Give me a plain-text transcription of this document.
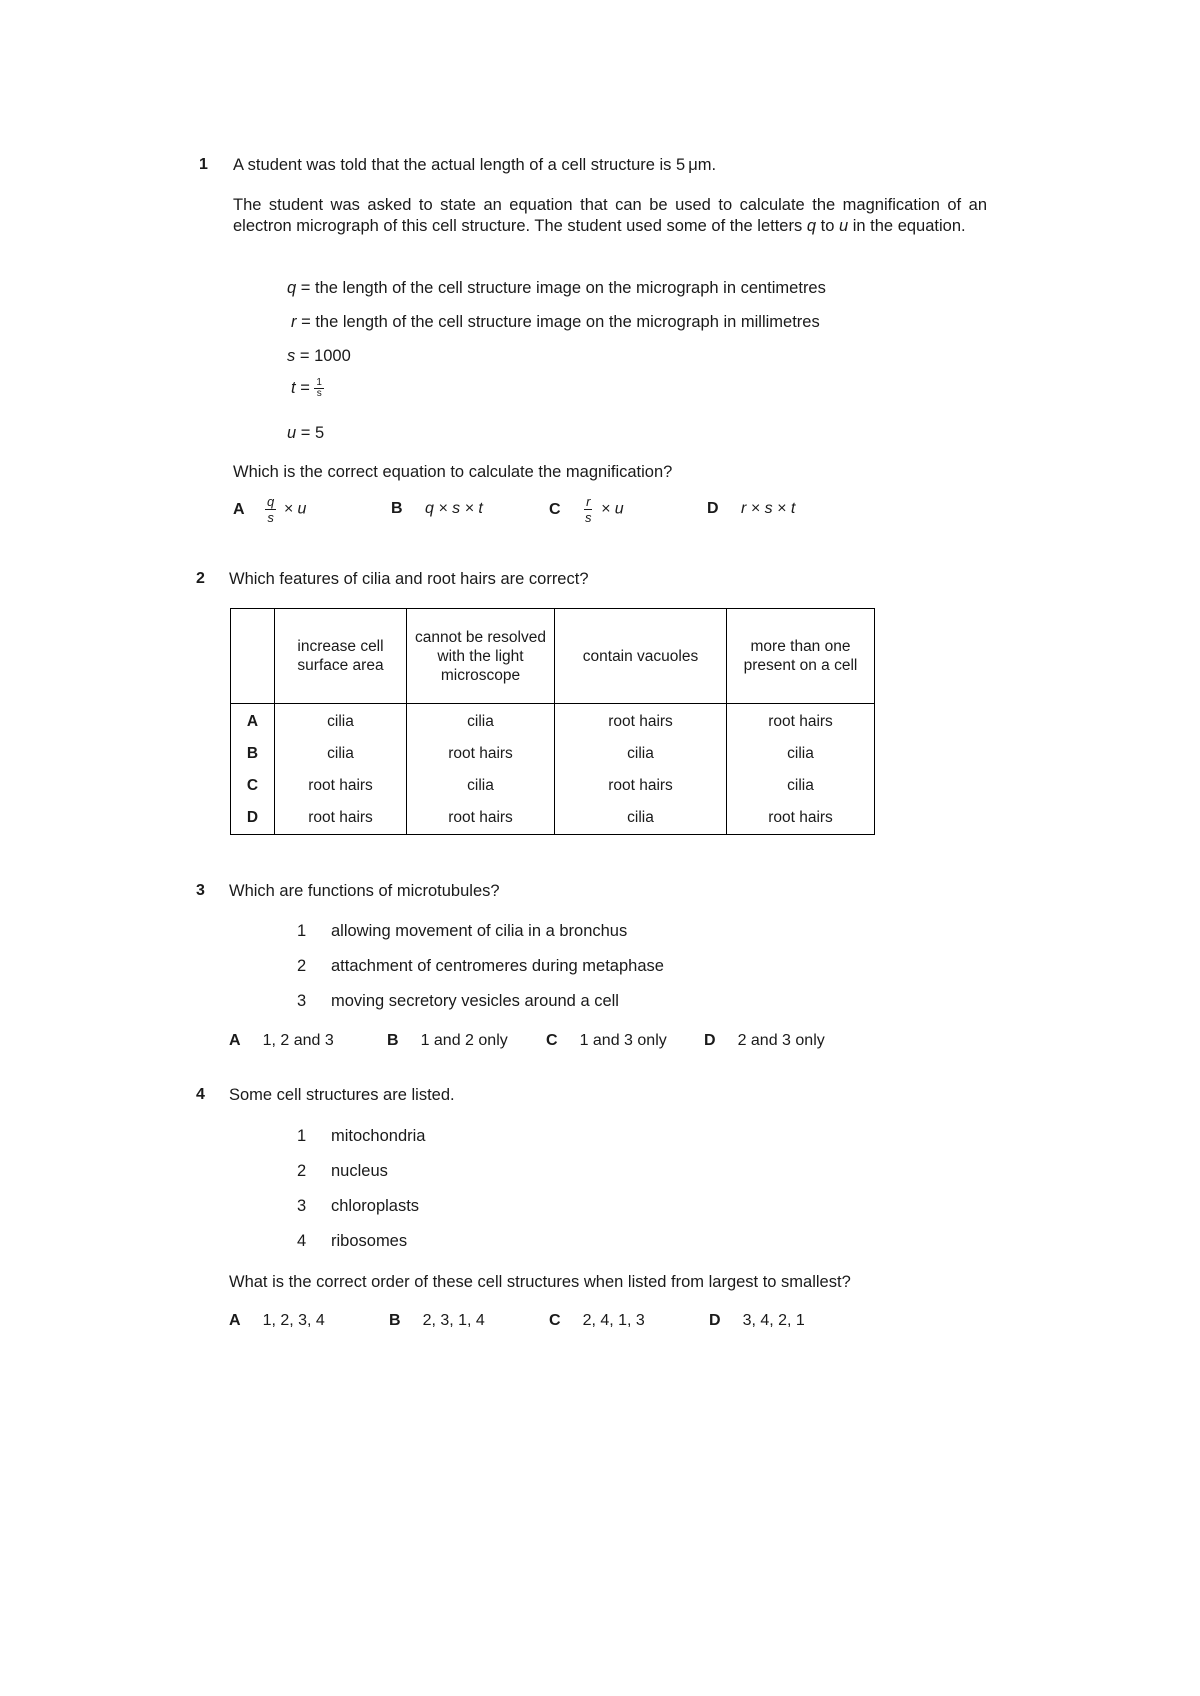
1 A student was told that the actual length of a cell structure is 5 μm.
The student was asked to state an equation that can be used to calculate the magnification of an electron micrograph of this cell structure. The student used some of the letters q to u in the equation.
q = the length of the cell structure image on the micrograph in centimetres
r = the length of the cell structure image on the micrograph in millimetres
s = 1000
$t = \frac{1}{s}$
u = 5
Which is the correct equation to calculate the magnification?
A $\frac{q}{s} \times u$	B q × s × t	C $\frac{r}{s} \times u$	D r × s × t
2 Which features of cilia and root hairs are correct?
	increase cell surface area	cannot be resolved with the light microscope	contain vacuoles	more than one present on a cell
A	cilia	cilia	root hairs	root hairs
B	cilia	root hairs	cilia	cilia
C	root hairs	cilia	root hairs	cilia
D	root hairs	root hairs	cilia	root hairs
3 Which are functions of microtubules?
1 allowing movement of cilia in a bronchus
2 attachment of centromeres during metaphase
3 moving secretory vesicles around a cell
A 1, 2 and 3	B 1 and 2 only C 1 and 3 only D 2 and 3 only
4 Some cell structures are listed.
1 mitochondria
2 nucleus
3 chloroplasts
4 ribosomes
What is the correct order of these cell structures when listed from largest to smallest?
A 1, 2, 3, 4	B 2, 3, 1, 4	C 2, 4, 1, 3	D 3, 4, 2, 1
